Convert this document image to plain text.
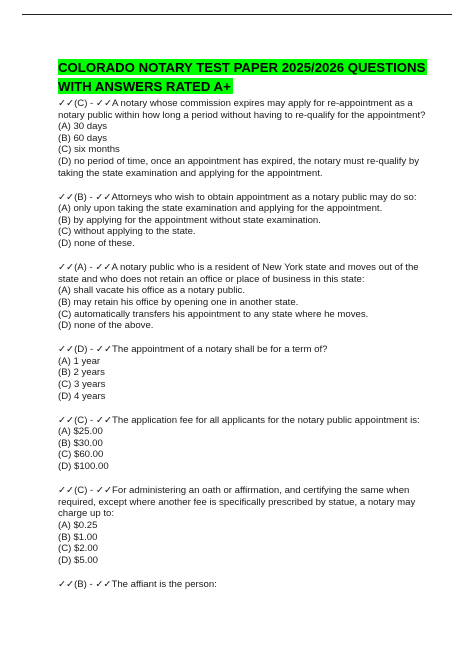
COLORADO NOTARY TEST PAPER 2025/2026 QUESTIONS
WITH ANSWERS RATED A+

✓✓(C) - ✓✓A notary whose commission expires may apply for re-appointment as a notary public within how long a period without having to re-qualify for the appointment?

(A) 30 days

(B) 60 days

(C) six months

(D) no period of time, once an appointment has expired, the notary must re-qualify by taking the state examination and applying for the appointment.

✓✓(B) - ✓✓Attorneys who wish to obtain appointment as a notary public may do so:

(A) only upon taking the state examination and applying for the appointment.

(B) by applying for the appointment without state examination.

(C) without applying to the state.

(D) none of these.

✓✓(A) - ✓✓A notary public who is a resident of New York state and moves out of the state and who does not retain an office or place of business in this state:

(A) shall vacate his office as a notary public.

(B) may retain his office by opening one in another state.

(C) automatically transfers his appointment to any state where he moves.

(D) none of the above.

✓✓(D) - ✓✓The appointment of a notary shall be for a term of?

(A) 1 year

(B) 2 years

(C) 3 years

(D) 4 years

✓✓(C) - ✓✓The application fee for all applicants for the notary public appointment is:

(A) $25.00

(B) $30.00

(C) $60.00

(D) $100.00

✓✓(C) - ✓✓For administering an oath or affirmation, and certifying the same when required, except where another fee is specifically prescribed by statue, a notary may charge up to:

(A) $0.25

(B) $1.00

(C) $2.00

(D) $5.00

✓✓(B) - ✓✓The affiant is the person:
